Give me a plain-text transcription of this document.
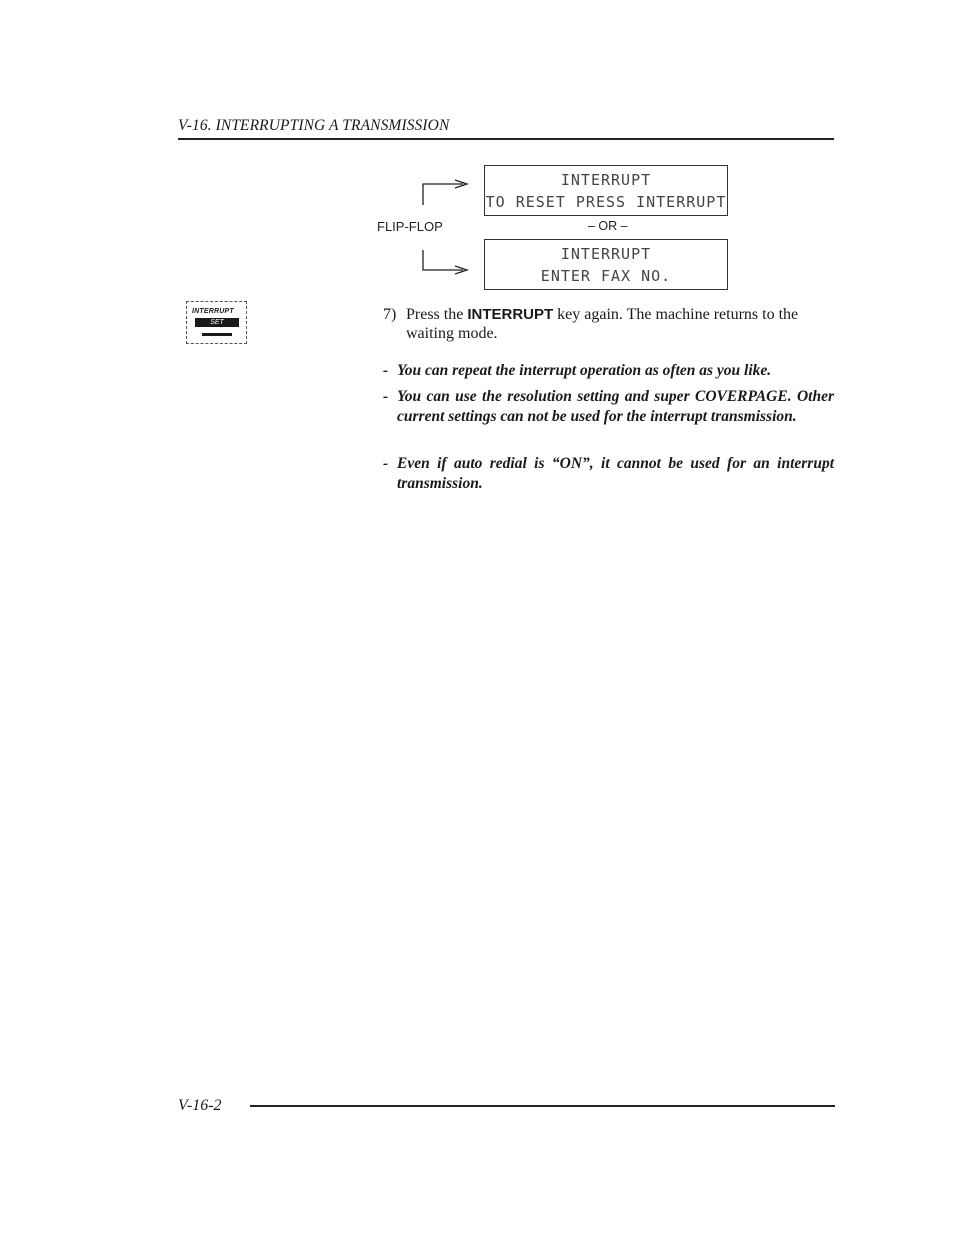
V-16. INTERRUPTING A TRANSMISSION
FLIP-FLOP
INTERRUPT
TO RESET PRESS INTERRUPT
– OR –
INTERRUPT
ENTER FAX NO.
INTERRUPT
SET	7) Press the INTERRUPT key again. The machine returns to the waiting mode.
- You can repeat the interrupt operation as often as you like.
- You can use the resolution setting and super COVERPAGE. Other current settings can not be used for the interrupt transmission.
- Even if auto redial is “ON”, it cannot be used for an interrupt transmission.
V-16-2
